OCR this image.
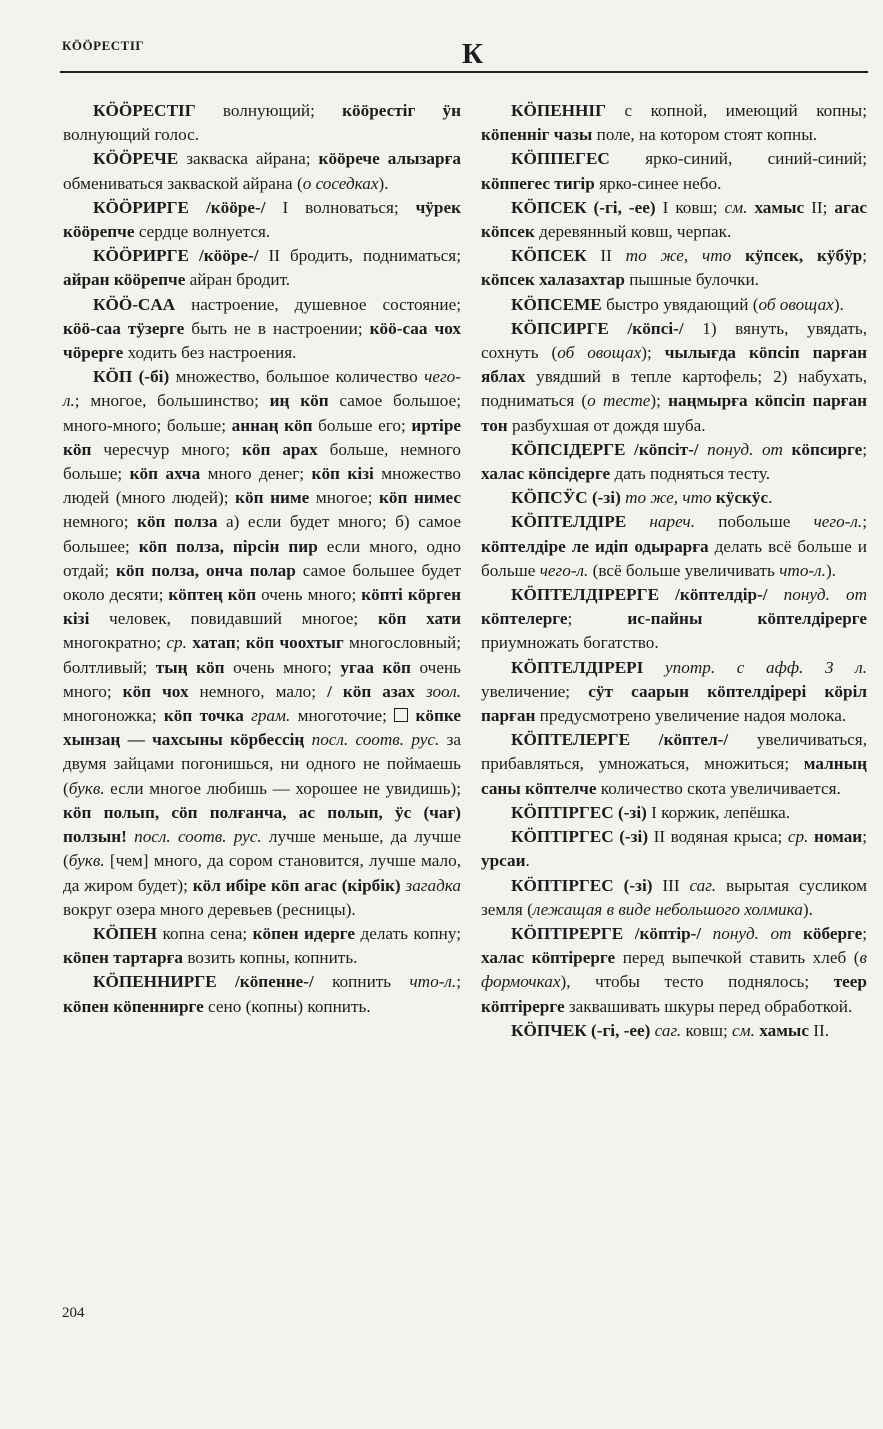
КÖÖРЕСТIГ	К

КÖÖРЕСТIГ волнующий; кööрестiг ӱн волнующий голос.

КÖÖРЕЧЕ закваска айрана; кööрече алызарға обмениваться закваской айрана (о соседках).

КÖÖРИРГЕ /кööре-/ I волноваться; чӱрек кööрепче сердце волнуется.

КÖÖРИРГЕ /кööре-/ II бродить, подниматься; айран кööрепче айран бродит.

КÖÖ-СAA настроение, душевное состояние; кöö-саа тӱзерге быть не в настроении; кöö-саа чох чöрерге ходить без настроения.

КÖП (-бi) множество, большое количество чего-л.; многое, большинство; иң кöп самое большое; много-много; больше; аннаң кöп больше его; иртiре кöп чересчур много; кöп арах больше, немного больше; кöп ахча много денег; кöп кiзi множество людей (много людей); кöп ниме многое; кöп нимес немного; кöп полза а) если будет много; б) самое большее; кöп полза, пiрсiн пир если много, одно отдай; кöп полза, онча полар самое большее будет около десяти; кöптең кöп очень много; кöптi кöрген кiзi человек, повидавший многое; кöп хати многократно; ср. хатап; кöп чоохтыг многословный; болтливый; тың кöп очень много; угаа кöп очень много; кöп чох немного, мало; / кöп азах зоол. многоножка; кöп точка грам. многоточие;  кöпке хынзаң — чахсыны кöрбессiң посл. соотв. рус. за двумя зайцами погонишься, ни одного не поймаешь (букв. если многое любишь — хорошее не увидишь); кöп полып, сöп полғанча, ас полып, ӱс (чағ) ползын! посл. соотв. рус. лучше меньше, да лучше (букв. [чем] много, да сором становится, лучше мало, да жиром будет); кöл ибiре кöп агас (кiрбiк) загадка вокруг озера много деревьев (ресницы).

КÖПЕН копна сена; кöпен идерге делать копну; кöпен тартарға возить копны, копнить.

КÖПЕННИРГЕ /кöпенне-/ копнить что-л.; кöпен кöпеннирге сено (копны) копнить.

КÖПЕННIГ с копной, имеющий копны; кöпеннiг чазы поле, на котором стоят копны.

КÖППЕГЕС ярко-синий, синий-синий; кöппегес тигiр ярко-синее небо.

КÖПСЕК (-гi, -ее) I ковш; см. хамыс II; агас кöпсек деревянный ковш, черпак.

КÖПСЕК II то же, что кӱпсек, кӱбӱр; кöпсек халазахтар пышные булочки.

КÖПСЕМЕ быстро увядающий (об овощах).

КÖПСИРГЕ /кöпсi-/ 1) вянуть, увядать, сохнуть (об овощах); чылығда кöпсiп парған яблах увядший в тепле картофель; 2) набухать, подниматься (о тесте); наңмырға кöпсiп парған тон разбухшая от дождя шуба.

КÖПСIДЕРГЕ /кöпсiт-/ понуд. от кöпсирге; халас кöпсiдерге дать подняться тесту.

КÖПСӰС (-зi) то же, что кӱскӱс.

КÖПТЕЛДIРЕ нареч. побольше чего-л.; кöптелдiре ле идiп одырарға делать всё больше и больше чего-л. (всё больше увеличивать что-л.).

КÖПТЕЛДIРЕРГЕ /кöптелдiр-/ понуд. от кöптелерге; ис-пайны кöптелдiрерге приумножать богатство.

КÖПТЕЛДIРЕРI употр. с афф. 3 л. увеличение; сӱт саарын кöптелдiрерi кöрiл парған предусмотрено увеличение надоя молока.

КÖПТЕЛЕРГЕ /кöптел-/ увеличиваться, прибавляться, умножаться, множиться; малның саны кöптелче количество скота увеличивается.

КÖПТIРГЕС (-зi) I коржик, лепёшка.

КÖПТIРГЕС (-зi) II водяная крыса; ср. номаи; урсаи.

КÖПТIРГЕС (-зi) III саг. вырытая сусликом земля (лежащая в виде небольшого холмика).

КÖПТIРЕРГЕ /кöптiр-/ понуд. от кöберге; халас кöптiрерге перед выпечкой ставить хлеб (в формочках), чтобы тесто поднялось; теер кöптiрерге заквашивать шкуры перед обработкой.

КÖПЧЕК (-гi, -ее) саг. ковш; см. хамыс II.

204
